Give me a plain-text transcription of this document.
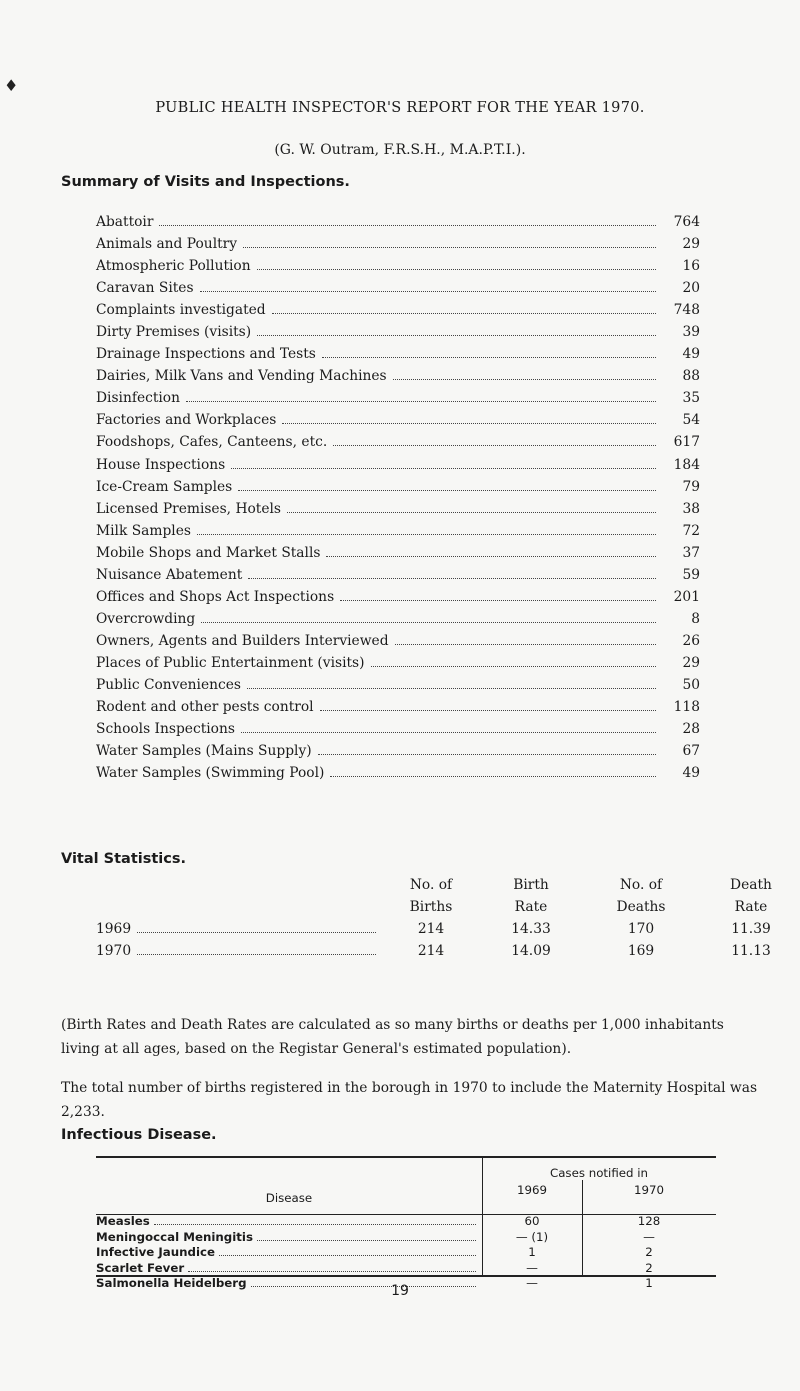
♦
PUBLIC HEALTH INSPECTOR'S REPORT FOR THE YEAR 1970.
(G. W. Outram, F.R.S.H., M.A.P.T.I.).
Summary of Visits and Inspections.
Abattoir	764
Animals and Poultry	29
Atmospheric Pollution	16
Caravan Sites	20
Complaints investigated	748
Dirty Premises (visits)	39
Drainage Inspections and Tests	49
Dairies, Milk Vans and Vending Machines	88
Disinfection	35
Factories and Workplaces	54
Foodshops, Cafes, Canteens, etc.	617
House Inspections	184
Ice-Cream Samples	79
Licensed Premises, Hotels	38
Milk Samples	72
Mobile Shops and Market Stalls	37
Nuisance Abatement	59
Offices and Shops Act Inspections	201
Overcrowding	8
Owners, Agents and Builders Interviewed	26
Places of Public Entertainment (visits)	29
Public Conveniences	50
Rodent and other pests control	118
Schools Inspections	28
Water Samples (Mains Supply)	67
Water Samples (Swimming Pool)	49
Vital Statistics.
No. of	Birth	No. of	Death
Births	Rate	Deaths	Rate
1969	214	14.33	170	11.39
1970	214	14.09	169	11.13
(Birth Rates and Death Rates are calculated as so many births or deaths per 1,000 inhabitants living at all ages, based on the Registar General's estimated population).
The total number of births registered in the borough in 1970 to include the Maternity Hospital was 2,233.
Infectious Disease.
Disease
Cases notified in
1969	1970
Measles	60	128
Meningoccal Meningitis	— (1)	—
Infective Jaundice	1	2
Scarlet Fever	—	2
Salmonella Heidelberg	—	1
19
